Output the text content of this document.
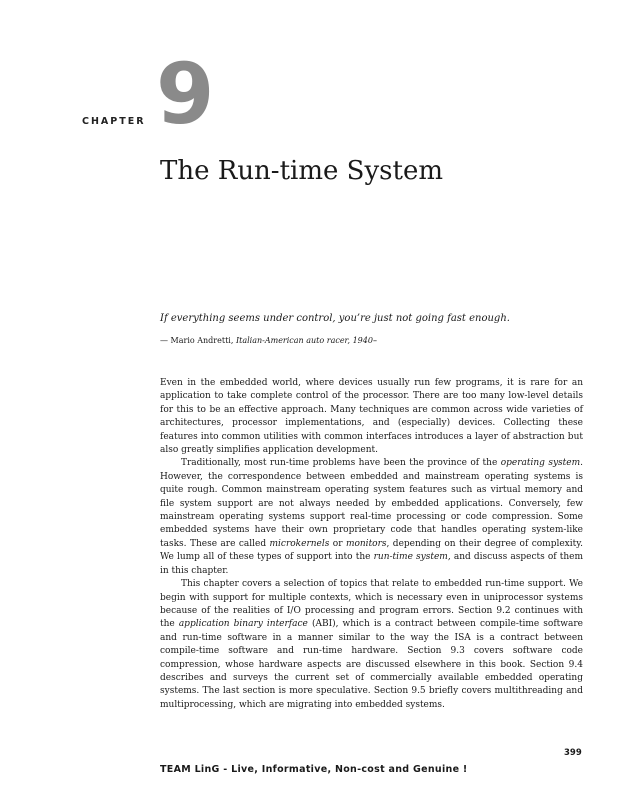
CHAPTER 9
The Run-time System
If everything seems under control, you’re just not going fast enough.
— Mario Andretti, Italian-American auto racer, 1940–

Even in the embedded world, where devices usually run few programs, it is rare for an application to take complete control of the processor. There are too many low-level details for this to be an effective approach. Many techniques are common across wide varieties of architectures, processor implementations, and (especially) devices. Collecting these features into common utilities with common interfaces introduces a layer of abstraction but also greatly simplifies application development.

Traditionally, most run-time problems have been the province of the operating system. However, the correspondence between embedded and mainstream operating systems is quite rough. Common mainstream operating system features such as virtual memory and file system support are not always needed by embedded applications. Conversely, few mainstream operating systems support real-time processing or code compression. Some embedded systems have their own proprietary code that handles operating system-like tasks. These are called microkernels or monitors, depending on their degree of complexity. We lump all of these types of support into the run-time system, and discuss aspects of them in this chapter.

This chapter covers a selection of topics that relate to embedded run-time support. We begin with support for multiple contexts, which is necessary even in uniprocessor systems because of the realities of I/O processing and program errors. Section 9.2 continues with the application binary interface (ABI), which is a contract between compile-time software and run-time software in a manner similar to the way the ISA is a contract between compile-time software and run-time hardware. Section 9.3 covers software code compression, whose hardware aspects are discussed elsewhere in this book. Section 9.4 describes and surveys the current set of commercially available embedded operating systems. The last section is more speculative. Section 9.5 briefly covers multithreading and multiprocessing, which are migrating into embedded systems.

399
TEAM LinG - Live, Informative, Non-cost and Genuine !
